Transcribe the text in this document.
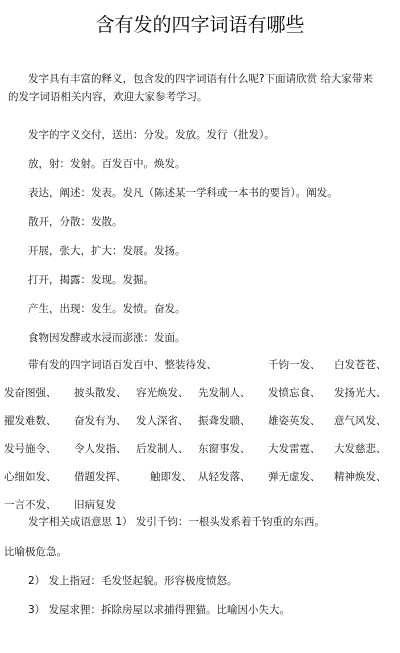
含有发的四字词语有哪些
发字具有丰富的释义，包含发的四字词语有什么呢?下面请欣赏 给大家带来
的发字词语相关内容，欢迎大家参考学习。
发字的字义交付，送出：分发。发放。发行（批发）。
放，射：发射。百发百中。焕发。
表达，阐述：发表。发凡（陈述某一学科或一本书的要旨）。阐发。
散开，分散：发散。
开展，张大，扩大：发展。发扬。
打开，揭露：发现。发掘。
产生，出现：发生。发愤。奋发。
食物因发酵或水浸而澎涨：发面。
带有发的四字词语百发百中、整装待发、	千钧一发、 白发苍苍、
发奋图强、 披头散发、 容光焕发、 先发制人、 发愤忘食、 发扬光大、
擢发难数、 奋发有为、 发人深省、 振聋发聩、 雄姿英发、 意气风发、
发号施令、 令人发指、 后发制人、 东窗事发、 大发雷霆、 大发慈悲、
心细如发、 借题发挥、 触即发、 从轻发落、 弹无虚发、 精神焕发、
一言不发、 旧病复发
发字相关成语意思 1） 发引千钧：一根头发系着千钧重的东西。
比喻极危急。
2） 发上指冠：毛发竖起貌。形容极度愤怒。
3） 发屋求狸：拆除房屋以求捕得狸猫。比喻因小失大。
